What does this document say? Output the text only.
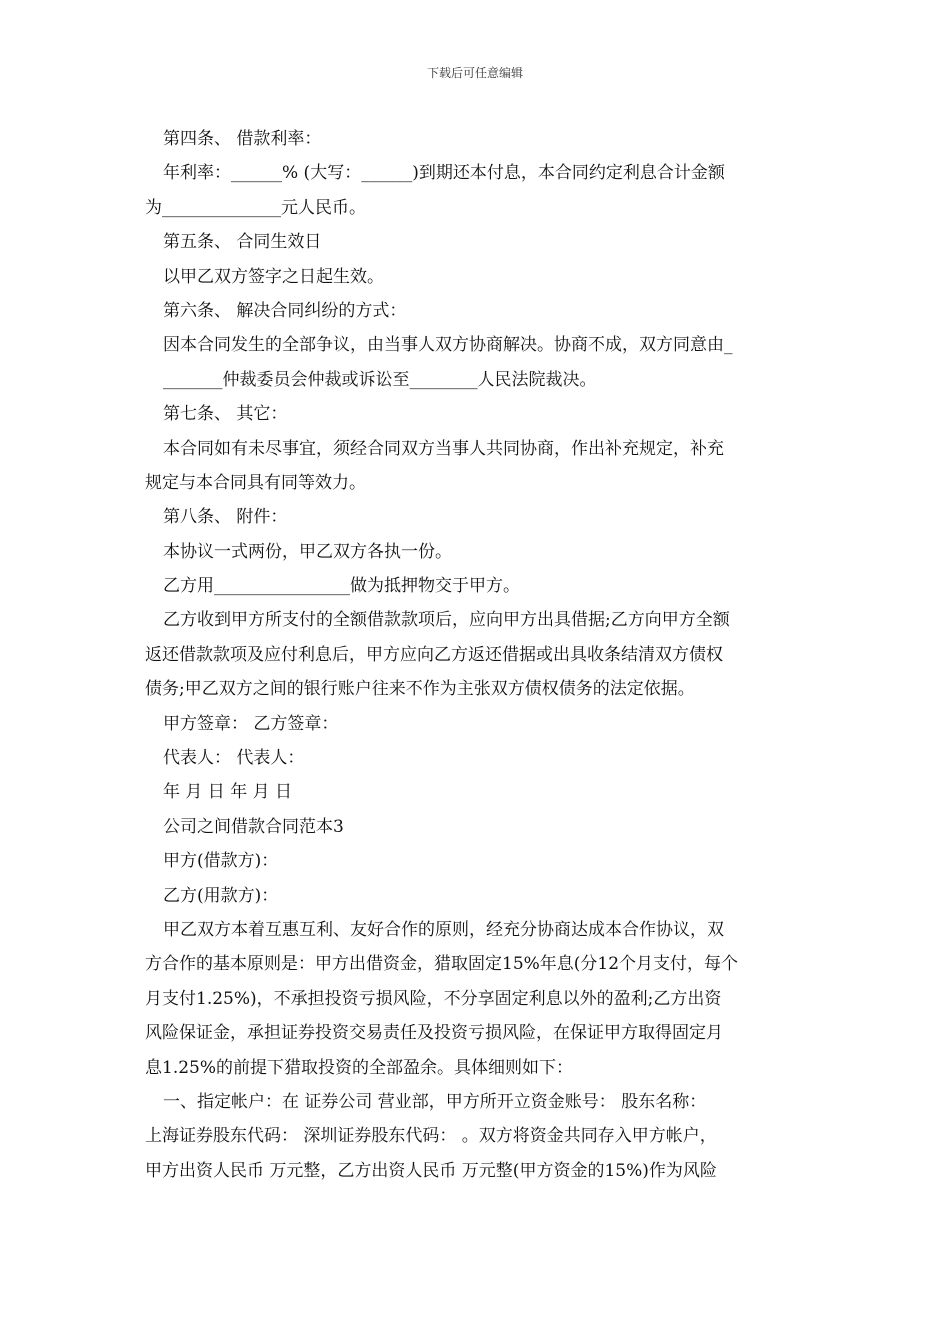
下载后可任意编辑
第四条、 借款利率：
年利率：______% (大写：______)到期还本付息，本合同约定利息合计金额
为______________元人民币。
第五条、 合同生效日
以甲乙双方签字之日起生效。
第六条、 解决合同纠纷的方式：
因本合同发生的全部争议，由当事人双方协商解决。协商不成，双方同意由_
_______仲裁委员会仲裁或诉讼至________人民法院裁决。
第七条、 其它：
本合同如有未尽事宜，须经合同双方当事人共同协商，作出补充规定，补充
规定与本合同具有同等效力。
第八条、 附件：
本协议一式两份，甲乙双方各执一份。
乙方用________________做为抵押物交于甲方。
乙方收到甲方所支付的全额借款款项后，应向甲方出具借据;乙方向甲方全额
返还借款款项及应付利息后，甲方应向乙方返还借据或出具收条结清双方债权
债务;甲乙双方之间的银行账户往来不作为主张双方债权债务的法定依据。
甲方签章： 乙方签章：
代表人： 代表人：
年 月 日 年 月 日
公司之间借款合同范本3
甲方(借款方)：
乙方(用款方)：
甲乙双方本着互惠互利、友好合作的原则，经充分协商达成本合作协议，双
方合作的基本原则是：甲方出借资金，猎取固定15%年息(分12个月支付，每个
月支付1.25%)，不承担投资亏损风险，不分享固定利息以外的盈利;乙方出资
风险保证金，承担证券投资交易责任及投资亏损风险，在保证甲方取得固定月
息1.25%的前提下猎取投资的全部盈余。具体细则如下：
一、指定帐户：在 证券公司 营业部，甲方所开立资金账号： 股东名称：
上海证券股东代码： 深圳证券股东代码： 。双方将资金共同存入甲方帐户，
甲方出资人民币 万元整，乙方出资人民币 万元整(甲方资金的15%)作为风险
